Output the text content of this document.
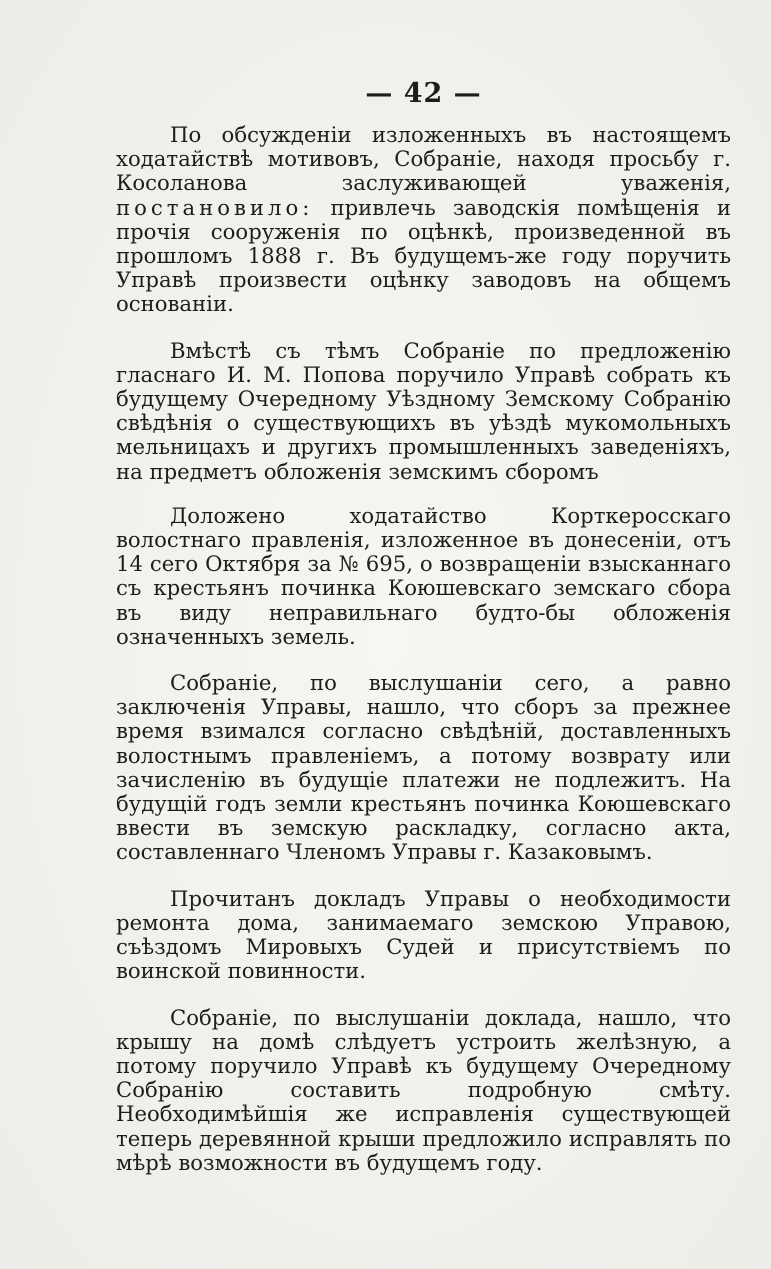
— 42 —

По обсужденіи изложенныхъ въ настоящемъ ходатайствѣ мотивовъ, Собраніе, находя просьбу г. Косоланова заслуживающей уваженія, постановило: привлечь заводскія помѣщенія и прочія сооруженія по оцѣнкѣ, произведенной въ прошломъ 1888 г. Въ будущемъ-же году поручить Управѣ произвести оцѣнку заводовъ на общемъ основаніи.

Вмѣстѣ съ тѣмъ Собраніе по предложенію гласнаго И. М. Попова поручило Управѣ собрать къ будущему Очередному Уѣздному Земскому Собранію свѣдѣнія о существующихъ въ уѣздѣ мукомольныхъ мельницахъ и другихъ промышленныхъ заведеніяхъ, на предметъ обложенія земскимъ сборомъ

Доложено ходатайство Корткеросскаго волостнаго правленія, изложенное въ донесеніи, отъ 14 сего Октября за № 695, о возвращеніи взысканнаго съ крестьянъ починка Коюшевскаго земскаго сбора въ виду неправильнаго будто-бы обложенія означенныхъ земель.

Собраніе, по выслушаніи сего, а равно заключенія Управы, нашло, что сборъ за прежнее время взимался согласно свѣдѣній, доставленныхъ волостнымъ правленіемъ, а потому возврату или зачисленію въ будущіе платежи не подлежитъ. На будущій годъ земли крестьянъ починка Коюшевскаго ввести въ земскую раскладку, согласно акта, составленнаго Членомъ Управы г. Казаковымъ.

Прочитанъ докладъ Управы о необходимости ремонта дома, занимаемаго земскою Управою, съѣздомъ Мировыхъ Судей и присутствіемъ по воинской повинности.

Собраніе, по выслушаніи доклада, нашло, что крышу на домѣ слѣдуетъ устроить желѣзную, а потому поручило Управѣ къ будущему Очередному Собранію составить подробную смѣту. Необходимѣйшія же исправленія существующей теперь деревянной крыши предложило исправлять по мѣрѣ возможности въ будущемъ году.
